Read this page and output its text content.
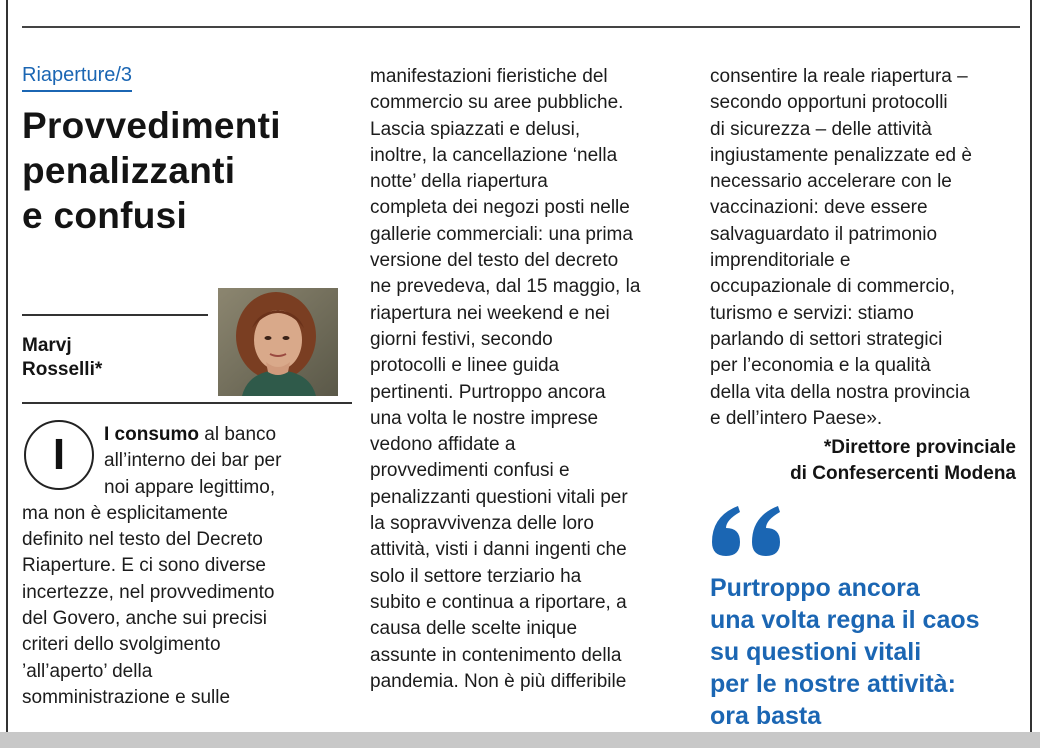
Riaperture/3
Provvedimenti
penalizzanti
e confusi
Marvj
Rosselli*
I	I consumo al banco
all’interno dei bar per
noi appare legittimo,
ma non è esplicitamente
definito nel testo del Decreto
Riaperture. E ci sono diverse
incertezze, nel provvedimento
del Govero, anche sui precisi
criteri dello svolgimento
’all’aperto’ della
somministrazione e sulle
manifestazioni fieristiche del
commercio su aree pubbliche.
Lascia spiazzati e delusi,
inoltre, la cancellazione ‘nella
notte’ della riapertura
completa dei negozi posti nelle
gallerie commerciali: una prima
versione del testo del decreto
ne prevedeva, dal 15 maggio, la
riapertura nei weekend e nei
giorni festivi, secondo
protocolli e linee guida
pertinenti. Purtroppo ancora
una volta le nostre imprese
vedono affidate a
provvedimenti confusi e
penalizzanti questioni vitali per
la sopravvivenza delle loro
attività, visti i danni ingenti che
solo il settore terziario ha
subito e continua a riportare, a
causa delle scelte inique
assunte in contenimento della
pandemia. Non è più differibile
consentire la reale riapertura –
secondo opportuni protocolli
di sicurezza – delle attività
ingiustamente penalizzate ed è
necessario accelerare con le
vaccinazioni: deve essere
salvaguardato il patrimonio
imprenditoriale e
occupazionale di commercio,
turismo e servizi: stiamo
parlando di settori strategici
per l’economia e la qualità
della vita della nostra provincia
e dell’intero Paese».
*Direttore provinciale
di Confesercenti Modena
Purtroppo ancora
una volta regna il caos
su questioni vitali
per le nostre attività:
ora basta
